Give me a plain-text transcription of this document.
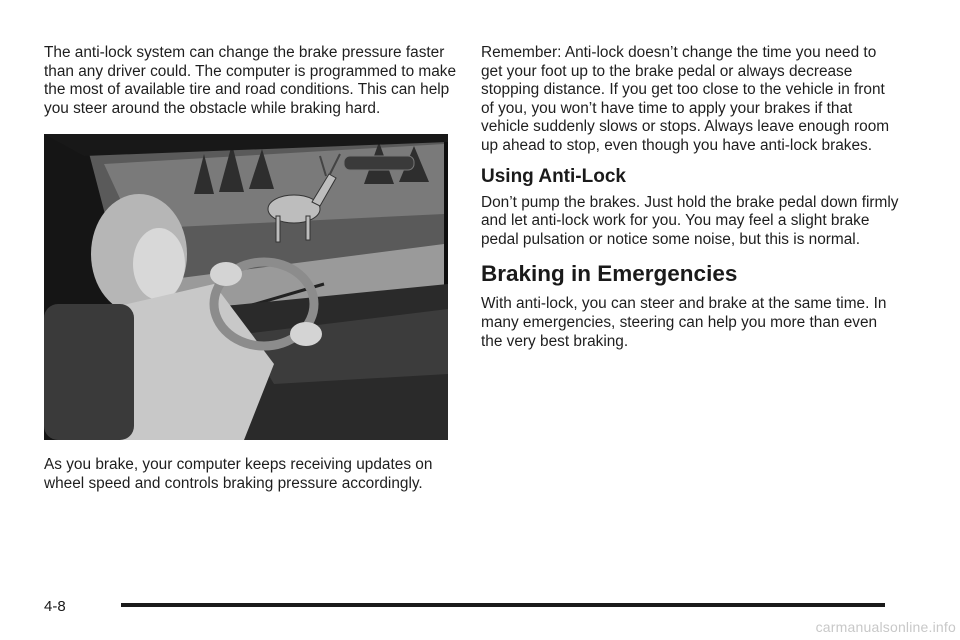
The anti-lock system can change the brake pressure faster than any driver could. The computer is programmed to make the most of available tire and road conditions. This can help you steer around the obstacle while braking hard.

As you brake, your computer keeps receiving updates on wheel speed and controls braking pressure accordingly.

Remember: Anti-lock doesn’t change the time you need to get your foot up to the brake pedal or always decrease stopping distance. If you get too close to the vehicle in front of you, you won’t have time to apply your brakes if that vehicle suddenly slows or stops. Always leave enough room up ahead to stop, even though you have anti-lock brakes.

Using Anti-Lock

Don’t pump the brakes. Just hold the brake pedal down firmly and let anti-lock work for you. You may feel a slight brake pedal pulsation or notice some noise, but this is normal.

Braking in Emergencies

With anti-lock, you can steer and brake at the same time. In many emergencies, steering can help you more than even the very best braking.

4-8
carmanualsonline.info
